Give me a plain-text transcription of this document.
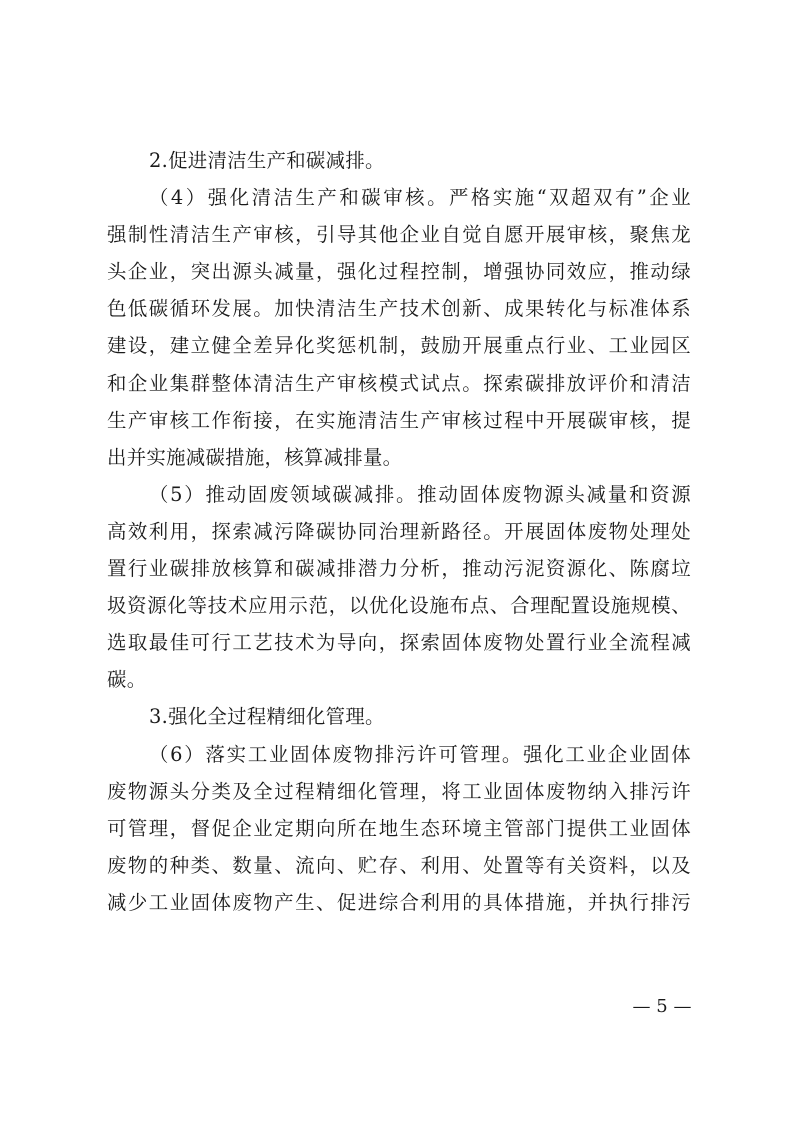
2.促进清洁生产和碳减排。
（4）强化清洁生产和碳审核。严格实施“双超双有”企业
强制性清洁生产审核，引导其他企业自觉自愿开展审核，聚焦龙
头企业，突出源头减量，强化过程控制，增强协同效应，推动绿
色低碳循环发展。加快清洁生产技术创新、成果转化与标准体系
建设，建立健全差异化奖惩机制，鼓励开展重点行业、工业园区
和企业集群整体清洁生产审核模式试点。探索碳排放评价和清洁
生产审核工作衔接，在实施清洁生产审核过程中开展碳审核，提
出并实施减碳措施，核算减排量。
（5）推动固废领域碳减排。推动固体废物源头减量和资源
高效利用，探索减污降碳协同治理新路径。开展固体废物处理处
置行业碳排放核算和碳减排潜力分析，推动污泥资源化、陈腐垃
圾资源化等技术应用示范，以优化设施布点、合理配置设施规模、
选取最佳可行工艺技术为导向，探索固体废物处置行业全流程减
碳。
3.强化全过程精细化管理。
（6）落实工业固体废物排污许可管理。强化工业企业固体
废物源头分类及全过程精细化管理，将工业固体废物纳入排污许
可管理，督促企业定期向所在地生态环境主管部门提供工业固体
废物的种类、数量、流向、贮存、利用、处置等有关资料，以及
减少工业固体废物产生、促进综合利用的具体措施，并执行排污
— 5 —
